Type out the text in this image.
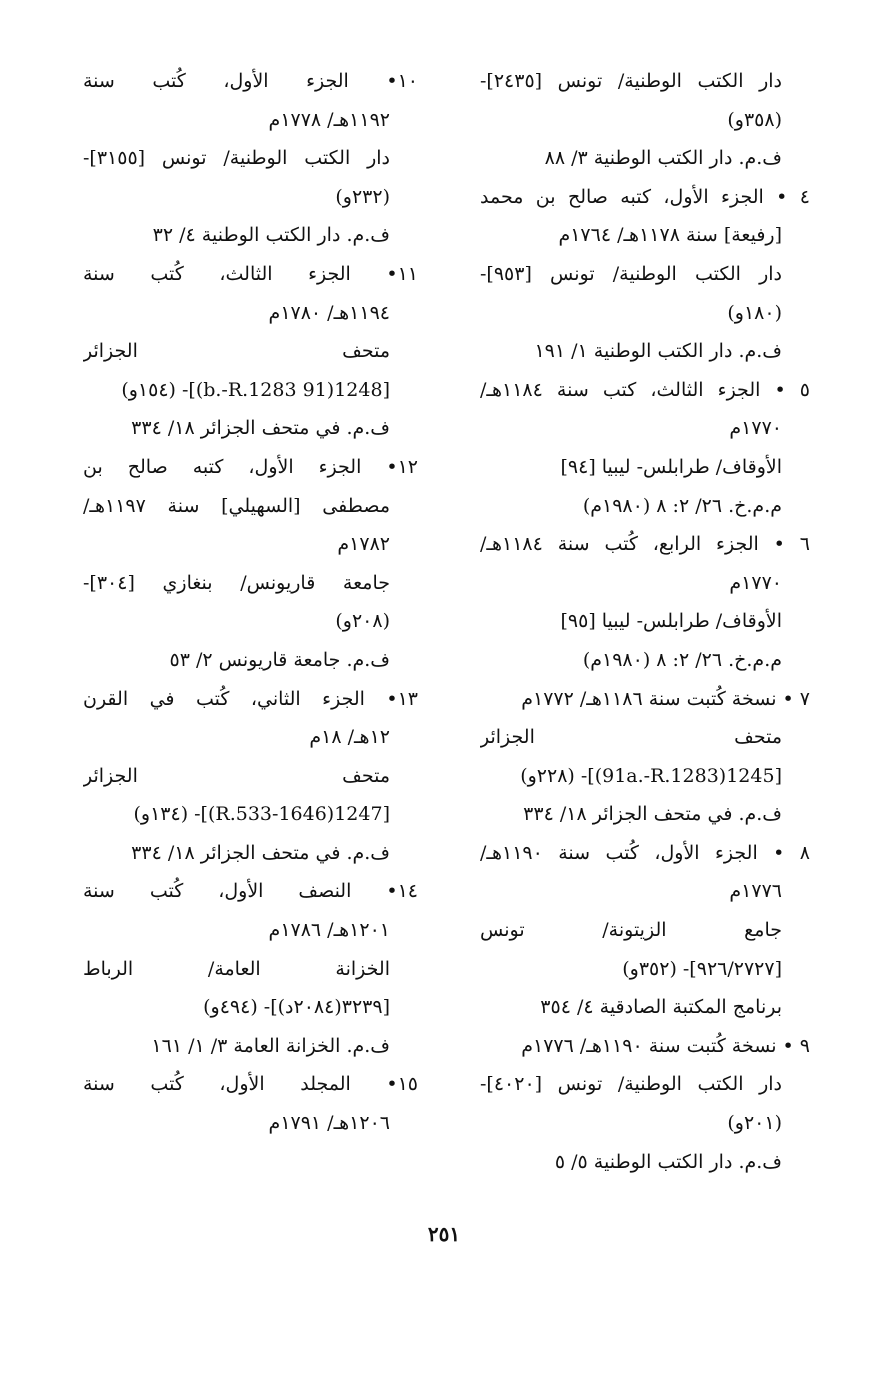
دار الكتب الوطنية/ تونس [٢٤٣٥]-
(٣٥٨و)
ف.م. دار الكتب الوطنية ٣/ ٨٨
٤ • الجزء الأول، كتبه صالح بن محمد
[رفيعة] سنة ١١٧٨هـ/ ١٧٦٤م
دار الكتب الوطنية/ تونس [٩٥٣]-
(١٨٠و)
ف.م. دار الكتب الوطنية ١/ ١٩١
٥ • الجزء الثالث، كتب سنة ١١٨٤هـ/
١٧٧٠م
الأوقاف/ طرابلس- ليبيا [٩٤]
م.م.خ. ٢٦/ ٢: ٨ (١٩٨٠م)
٦ • الجزء الرابع، كُتب سنة ١١٨٤هـ/
١٧٧٠م
الأوقاف/ طرابلس- ليبيا [٩٥]
م.م.خ. ٢٦/ ٢: ٨ (١٩٨٠م)
٧ • نسخة كُتبت سنة ١١٨٦هـ/ ١٧٧٢م
متحف الجزائر
[1245(91a.-R.1283)]- (٢٢٨و)
ف.م. في متحف الجزائر ١٨/ ٣٣٤
٨ • الجزء الأول، كُتب سنة ١١٩٠هـ/
١٧٧٦م
جامع الزيتونة/ تونس
[٩٢٦/٢٧٢٧]- (٣٥٢و)
برنامج المكتبة الصادقية ٤/ ٣٥٤
٩ • نسخة كُتبت سنة ١١٩٠هـ/ ١٧٧٦م
دار الكتب الوطنية/ تونس [٤٠٢٠]-
(٢٠١و)
ف.م. دار الكتب الوطنية ٥/ ٥
١٠• الجزء الأول، كُتب سنة
١١٩٢هـ/ ١٧٧٨م
دار الكتب الوطنية/ تونس [٣١٥٥]-
(٢٣٢و)
ف.م. دار الكتب الوطنية ٤/ ٣٢
١١• الجزء الثالث، كُتب سنة
١١٩٤هـ/ ١٧٨٠م
متحف الجزائر
[1248(91 b.-R.1283)]- (١٥٤و)
ف.م. في متحف الجزائر ١٨/ ٣٣٤
١٢• الجزء الأول، كتبه صالح بن
مصطفى [السهيلي] سنة ١١٩٧هـ/
١٧٨٢م
جامعة قاريونس/ بنغازي [٣٠٤]-
(٢٠٨و)
ف.م. جامعة قاريونس ٢/ ٥٣
١٣• الجزء الثاني، كُتب في القرن
١٢هـ/ ١٨م
متحف الجزائر
[1247(1646-R.533)]- (١٣٤و)
ف.م. في متحف الجزائر ١٨/ ٣٣٤
١٤• النصف الأول، كُتب سنة
١٢٠١هـ/ ١٧٨٦م
الخزانة العامة/ الرباط
[٣٢٣٩(٢٠٨٤د)]- (٤٩٤و)
ف.م. الخزانة العامة ٣/ ١/ ١٦١
١٥• المجلد الأول، كُتب سنة
١٢٠٦هـ/ ١٧٩١م
٢٥١
